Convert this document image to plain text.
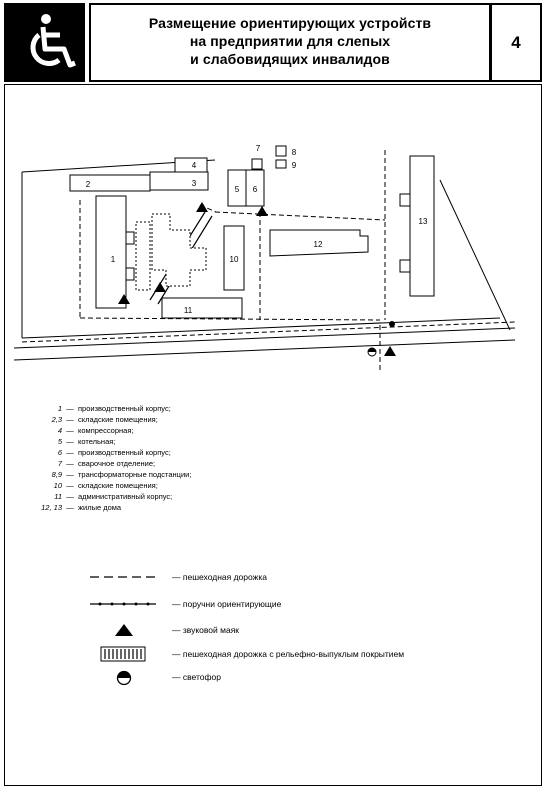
Размещение ориентирующих устройств
на предприятии для слепых
и слабовидящих инвалидов
4
1
2	3
4
5 6
7	8
9
10
11
12
13
1 — производственный корпус;
2,3 — складские помещения;
4 — компрессорная;
5 — котельная;
6 — производственный корпус;
7 — сварочное отделение;
8,9 — трансформаторные подстанции;
10 — складские помещения;
11 — административный корпус;
12, 13 — жилые дома
— пешеходная дорожка
— поручни ориентирующие
— звуковой маяк
— пешеходная дорожка с рельефно-выпуклым покрытием
— светофор
